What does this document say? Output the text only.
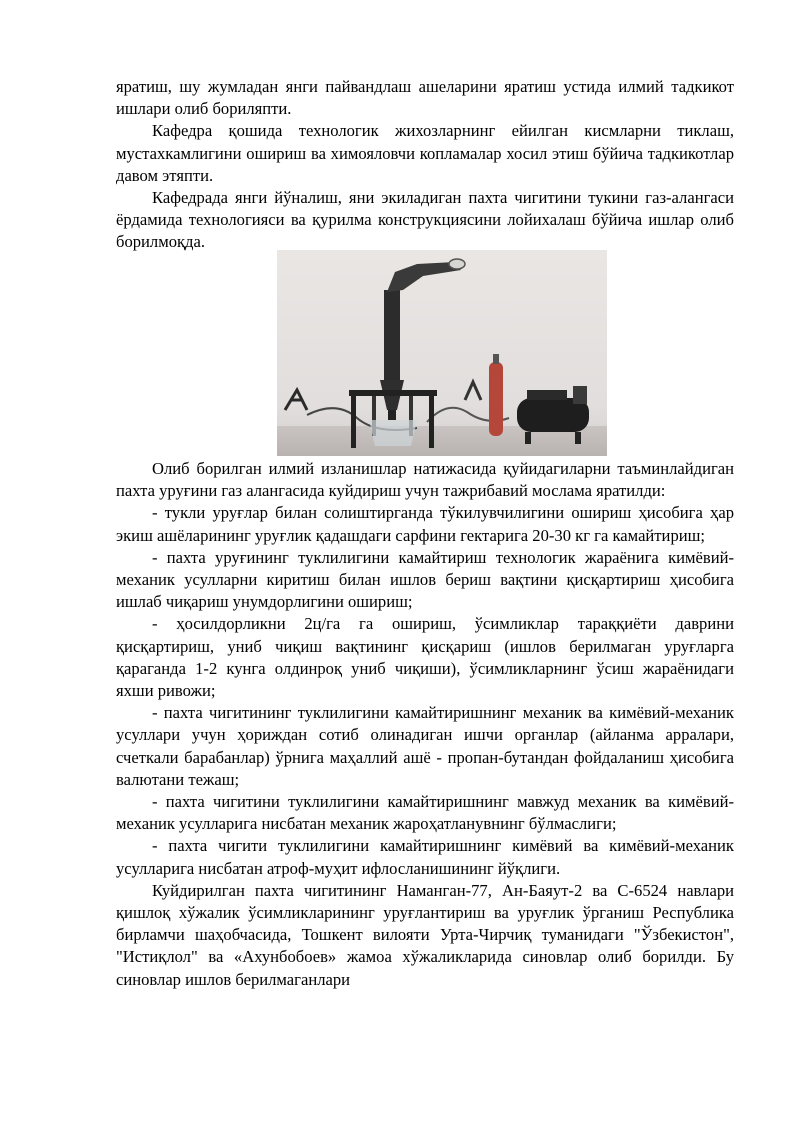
яратиш, шу жумладан янги пайвандлаш ашеларини яратиш устида илмий тадкикот ишлари олиб бориляпти.

Кафедра қошида технологик жихозларнинг ейилган кисмларни тиклаш, мустахкамлигини ошириш ва химояловчи копламалар хосил этиш бўйича тадкикотлар давом этяпти.

Кафедрада янги йўналиш, яни экиладиган пахта чигитини тукини газ-алангаси ёрдамида технологияси ва қурилма конструкциясини лойихалаш бўйича ишлар олиб борилмоқда.

Олиб борилган илмий изланишлар натижасида қуйидагиларни таъминлайдиган пахта уруғини газ алангасида куйдириш учун тажрибавий мослама яратилди:

- тукли уруғлар билан солиштирганда тўкилувчилигини ошириш ҳисобига ҳар экиш ашёларининг уруғлик қадашдаги сарфини гектарига 20-30 кг га камайтириш;

- пахта уруғининг туклилигини камайтириш технологик жараёнига кимёвий-механик усулларни киритиш билан ишлов бериш вақтини қисқартириш ҳисобига ишлаб чиқариш унумдорлигини ошириш;

- ҳосилдорликни 2ц/га га ошириш, ўсимликлар тараққиёти даврини қисқартириш, униб чиқиш вақтининг қисқариш (ишлов берилмаган уруғларга қараганда 1-2 кунга олдинроқ униб чиқиши), ўсимликларнинг ўсиш жараёнидаги яхши ривожи;

- пахта чигитининг туклилигини камайтиришнинг механик ва кимёвий-механик усуллари учун ҳориждан сотиб олинадиган ишчи органлар (айланма арралари, счеткали барабанлар) ўрнига маҳаллий ашё - пропан-бутандан фойдаланиш ҳисобига валютани тежаш;

- пахта чигитини туклилигини камайтиришнинг мавжуд механик ва кимёвий-механик усулларига нисбатан механик жароҳатланувнинг бўлмаслиги;

- пахта чигити туклилигини камайтиришнинг кимёвий ва кимёвий-механик усулларига нисбатан атроф-муҳит ифлосланишининг йўқлиги.

Куйдирилган пахта чигитининг Наманган-77, Ан-Баяут-2 ва С-6524 навлари қишлоқ хўжалик ўсимликларининг уруғлантириш ва уруғлик ўрганиш Республика бирламчи шаҳобчасида, Тошкент вилояти Урта-Чирчиқ туманидаги "Ўзбекистон", "Истиқлол" ва «Ахунбобоев» жамоа хўжаликларида синовлар олиб борилди. Бу синовлар ишлов берилмаганлари
